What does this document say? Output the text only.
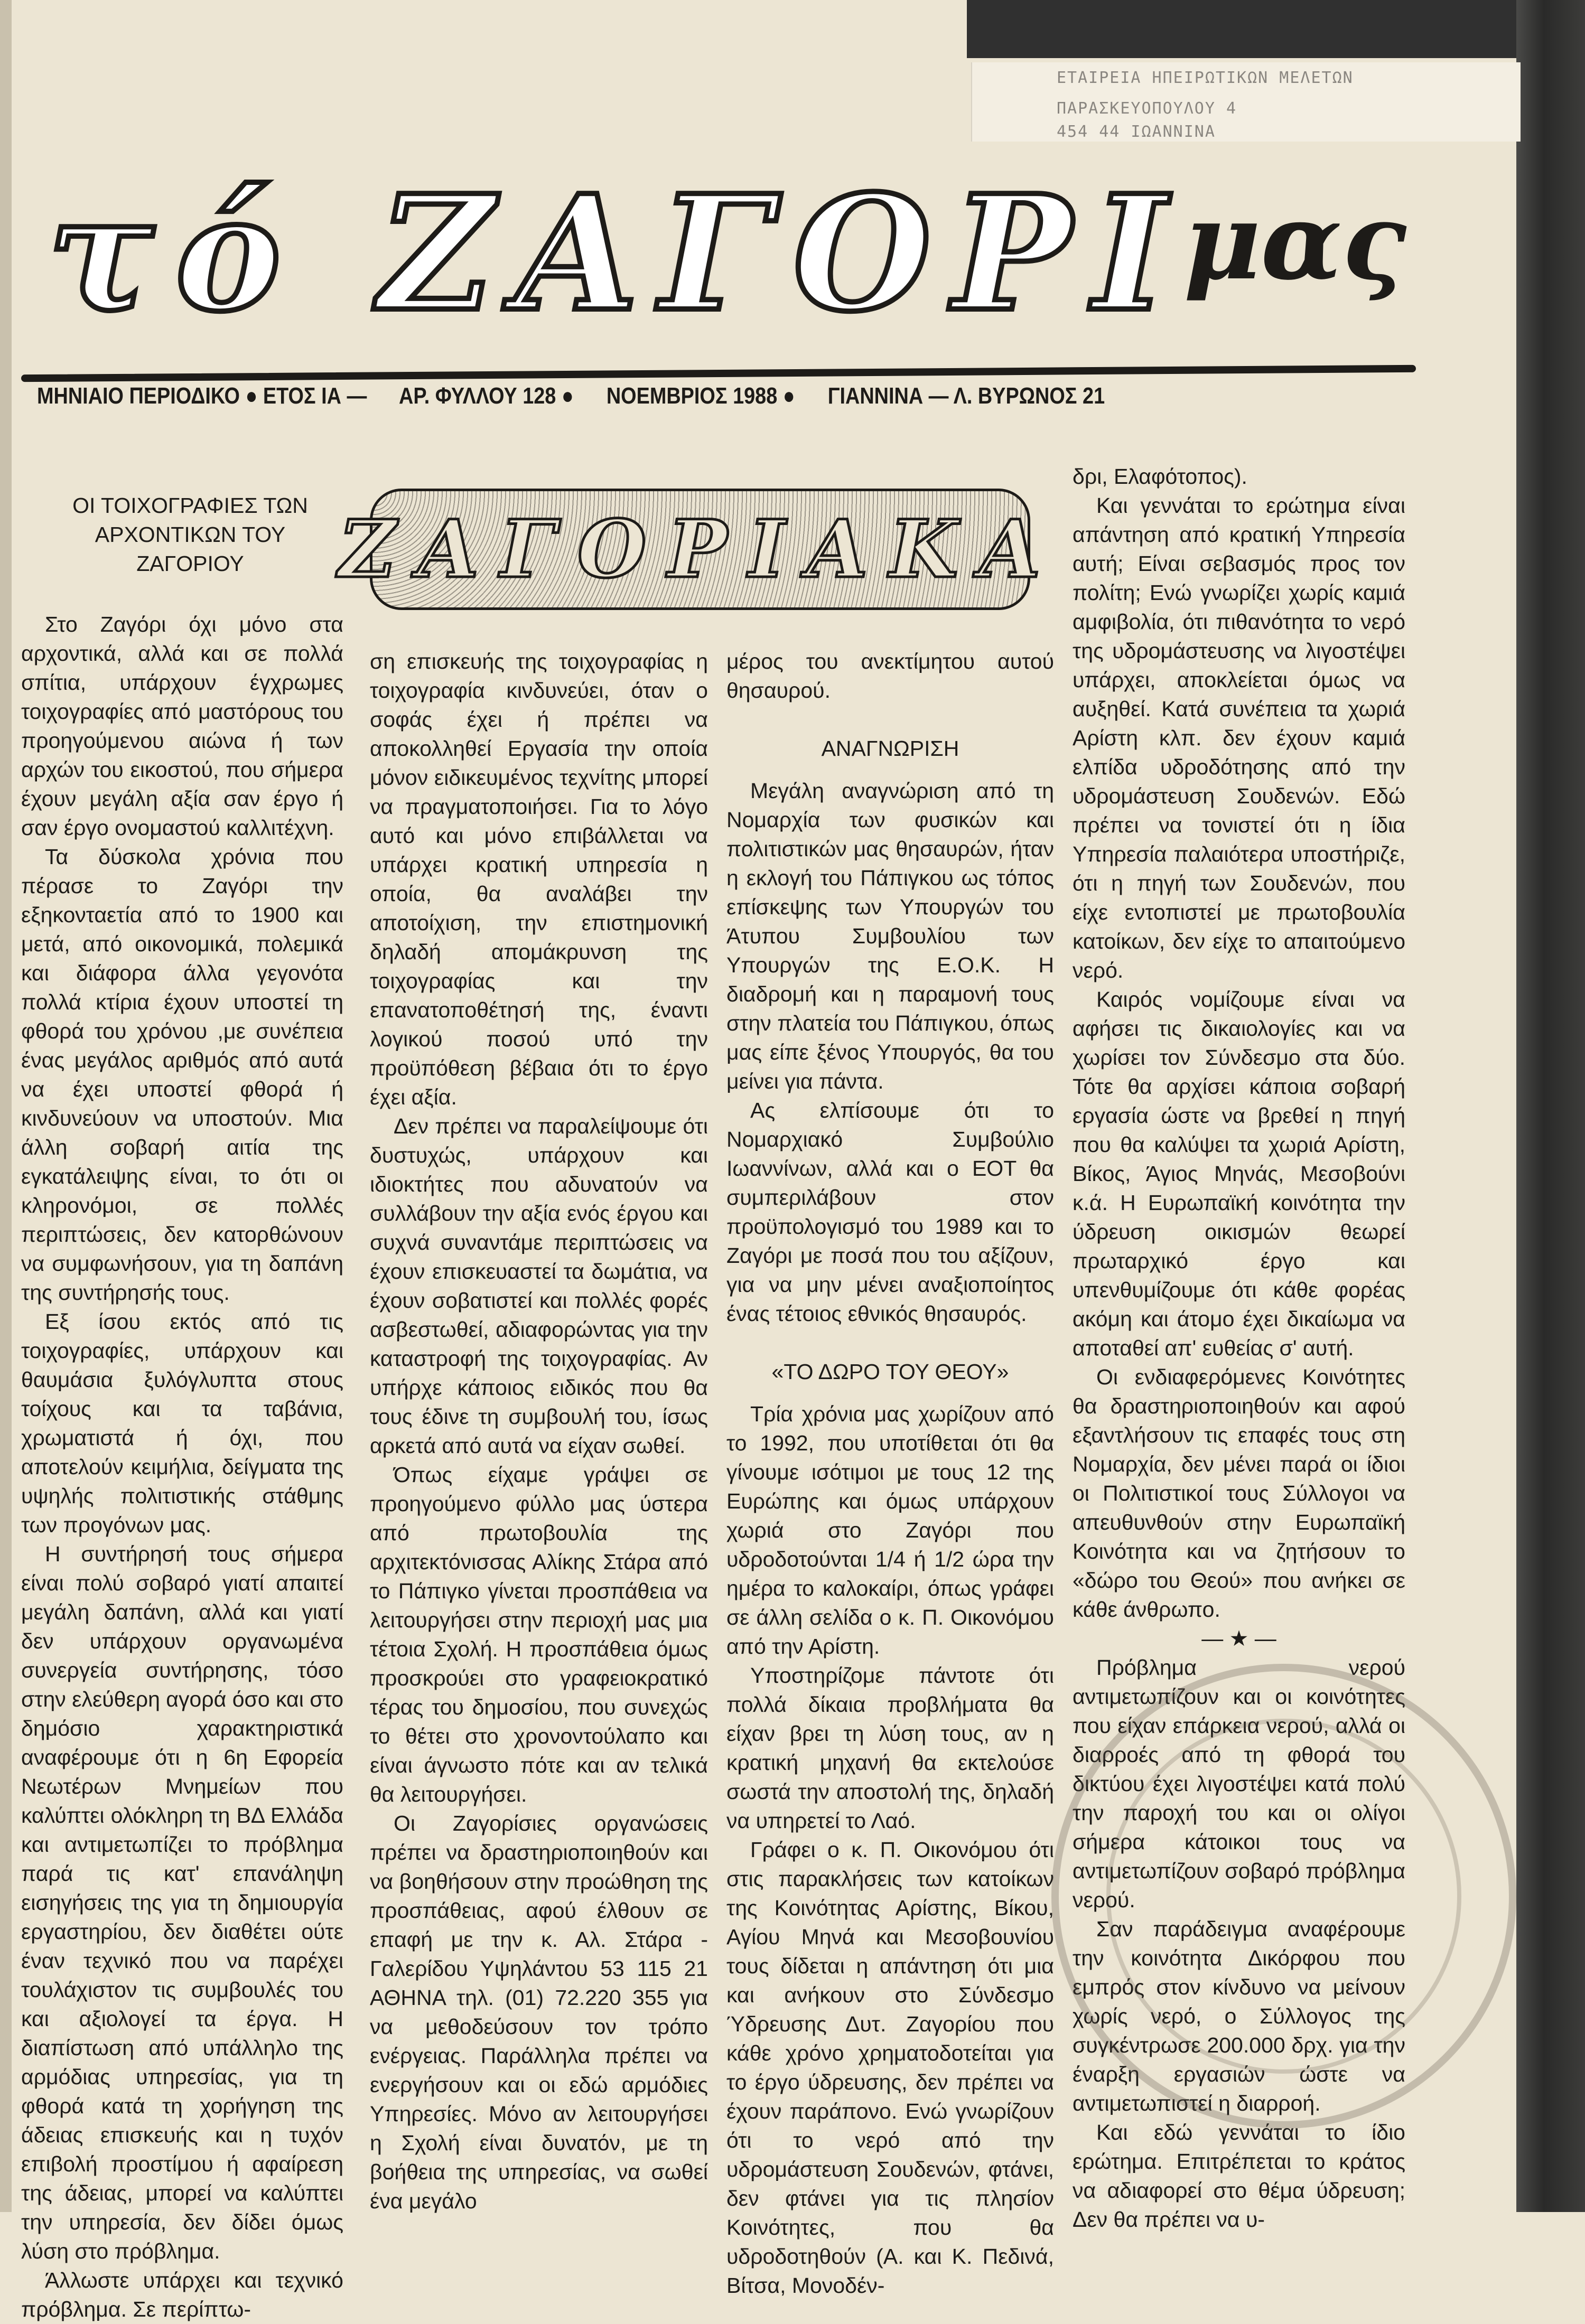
ΕΤΑΙΡΕΙΑ ΗΠΕΙΡΩΤΙΚΩΝ ΜΕΛΕΤΩΝ
ΠΑΡΑΣΚΕΥΟΠΟΥΛΟΥ 4
454 44 ΙΩΑΝΝΙΝΑ
τό ΖΑΓΟΡΙ
μας
ΜΗΝΙΑΙΟ ΠΕΡΙΟΔΙΚΟ ● ΕΤΟΣ ΙΑ — ΑΡ. ΦΥΛΛΟΥ 128 ● ΝΟΕΜΒΡΙΟΣ 1988 ● ΓΙΑΝΝΙΝΑ — Λ. ΒΥΡΩΝΟΣ 21
ΖΑΓΟΡΙΑΚΑ
ΟΙ ΤΟΙΧΟΓΡΑΦΙΕΣ ΤΩΝ ΑΡΧΟΝΤΙΚΩΝ ΤΟΥ ΖΑΓΟΡΙΟΥ

Στο Ζαγόρι όχι μόνο στα αρχοντικά, αλλά και σε πολλά σπίτια, υπάρχουν έγχρωμες τοιχογραφίες από μαστόρους του προηγούμενου αιώνα ή των αρχών του εικοστού, που σήμερα έχουν μεγάλη αξία σαν έργο ή σαν έργο ονομαστού καλλιτέχνη.

Τα δύσκολα χρόνια που πέρασε το Ζαγόρι την εξηκονταετία από το 1900 και μετά, από οικονομικά, πολεμικά και διάφορα άλλα γεγονότα πολλά κτίρια έχουν υποστεί τη φθορά του χρόνου ,με συνέπεια ένας μεγάλος αριθμός από αυτά να έχει υποστεί φθορά ή κινδυνεύουν να υποστούν. Μια άλλη σοβαρή αιτία της εγκατάλειψης είναι, το ότι οι κληρονόμοι, σε πολλές περιπτώσεις, δεν κατορθώνουν να συμφωνήσουν, για τη δαπάνη της συντήρησής τους.

Εξ ίσου εκτός από τις τοιχογραφίες, υπάρχουν και θαυμάσια ξυλόγλυπτα στους τοίχους και τα ταβάνια, χρωματιστά ή όχι, που αποτελούν κειμήλια, δείγματα της υψηλής πολιτιστικής στάθμης των προγόνων μας.

Η συντήρησή τους σήμερα είναι πολύ σοβαρό γιατί απαιτεί μεγάλη δαπάνη, αλλά και γιατί δεν υπάρχουν οργανωμένα συνεργεία συντήρησης, τόσο στην ελεύθερη αγορά όσο και στο δημόσιο χαρακτηριστικά αναφέρουμε ότι η 6η Εφορεία Νεωτέρων Μνημείων που καλύπτει ολόκληρη τη ΒΔ Ελλάδα και αντιμετωπίζει το πρόβλημα παρά τις κατ' επανάληψη εισηγήσεις της για τη δημιουργία εργαστηρίου, δεν διαθέτει ούτε έναν τεχνικό που να παρέχει τουλάχιστον τις συμβουλές του και αξιολογεί τα έργα. Η διαπίστωση από υπάλληλο της αρμόδιας υπηρεσίας, για τη φθορά κατά τη χορήγηση της άδειας επισκευής και η τυχόν επιβολή προστίμου ή αφαίρεση της άδειας, μπορεί να καλύπτει την υπηρεσία, δεν δίδει όμως λύση στο πρόβλημα.

Άλλωστε υπάρχει και τεχνικό πρόβλημα. Σε περίπτω-

ση επισκευής της τοιχογραφίας η τοιχογραφία κινδυνεύει, όταν ο σοφάς έχει ή πρέπει να αποκολληθεί Εργασία την οποία μόνον ειδικευμένος τεχνίτης μπορεί να πραγματοποιήσει. Για το λόγο αυτό και μόνο επιβάλλεται να υπάρχει κρατική υπηρεσία η οποία, θα αναλάβει την αποτοίχιση, την επιστημονική δηλαδή απομάκρυνση της τοιχογραφίας και την επανατοποθέτησή της, έναντι λογικού ποσού υπό την προϋπόθεση βέβαια ότι το έργο έχει αξία.

Δεν πρέπει να παραλείψουμε ότι δυστυχώς, υπάρχουν και ιδιοκτήτες που αδυνατούν να συλλάβουν την αξία ενός έργου και συχνά συναντάμε περιπτώσεις να έχουν επισκευαστεί τα δωμάτια, να έχουν σοβατιστεί και πολλές φορές ασβεστωθεί, αδιαφορώντας για την καταστροφή της τοιχογραφίας. Αν υπήρχε κάποιος ειδικός που θα τους έδινε τη συμβουλή του, ίσως αρκετά από αυτά να είχαν σωθεί.

Όπως είχαμε γράψει σε προηγούμενο φύλλο μας ύστερα από πρωτοβουλία της αρχιτεκτόνισσας Αλίκης Στάρα από το Πάπιγκο γίνεται προσπάθεια να λειτουργήσει στην περιοχή μας μια τέτοια Σχολή. Η προσπάθεια όμως προσκρούει στο γραφειοκρατικό τέρας του δημοσίου, που συνεχώς το θέτει στο χρονοντούλαπο και είναι άγνωστο πότε και αν τελικά θα λειτουργήσει.

Οι Ζαγορίσιες οργανώσεις πρέπει να δραστηριοποιηθούν και να βοηθήσουν στην προώθηση της προσπάθειας, αφού έλθουν σε επαφή με την κ. Αλ. Στάρα - Γαλερίδου Υψηλάντου 53 115 21 ΑΘΗΝΑ τηλ. (01) 72.220 355 για να μεθοδεύσουν τον τρόπο ενέργειας. Παράλληλα πρέπει να ενεργήσουν και οι εδώ αρμόδιες Υπηρεσίες. Μόνο αν λειτουργήσει η Σχολή είναι δυνατόν, με τη βοήθεια της υπηρεσίας, να σωθεί ένα μεγάλο

μέρος του ανεκτίμητου αυτού θησαυρού.

ΑΝΑΓΝΩΡΙΣΗ

Μεγάλη αναγνώριση από τη Νομαρχία των φυσικών και πολιτιστικών μας θησαυρών, ήταν η εκλογή του Πάπιγκου ως τόπος επίσκεψης των Υπουργών του Άτυπου Συμβουλίου των Υπουργών της Ε.Ο.Κ. Η διαδρομή και η παραμονή τους στην πλατεία του Πάπιγκου, όπως μας είπε ξένος Υπουργός, θα του μείνει για πάντα.

Ας ελπίσουμε ότι το Νομαρχιακό Συμβούλιο Ιωαννίνων, αλλά και ο ΕΟΤ θα συμπεριλάβουν στον προϋπολογισμό του 1989 και το Ζαγόρι με ποσά που του αξίζουν, για να μην μένει αναξιοποίητος ένας τέτοιος εθνικός θησαυρός.

«ΤΟ ΔΩΡΟ ΤΟΥ ΘΕΟΥ»

Τρία χρόνια μας χωρίζουν από το 1992, που υποτίθεται ότι θα γίνουμε ισότιμοι με τους 12 της Ευρώπης και όμως υπάρχουν χωριά στο Ζαγόρι που υδροδοτούνται 1/4 ή 1/2 ώρα την ημέρα το καλοκαίρι, όπως γράφει σε άλλη σελίδα ο κ. Π. Οικονόμου από την Αρίστη.

Υποστηρίζομε πάντοτε ότι πολλά δίκαια προβλήματα θα είχαν βρει τη λύση τους, αν η κρατική μηχανή θα εκτελούσε σωστά την αποστολή της, δηλαδή να υπηρετεί το Λαό.

Γράφει ο κ. Π. Οικονόμου ότι στις παρακλήσεις των κατοίκων της Κοινότητας Αρίστης, Βίκου, Αγίου Μηνά και Μεσοβουνίου τους δίδεται η απάντηση ότι μια και ανήκουν στο Σύνδεσμο Ύδρευσης Δυτ. Ζαγορίου που κάθε χρόνο χρηματοδοτείται για το έργο ύδρευσης, δεν πρέπει να έχουν παράπονο. Ενώ γνωρίζουν ότι το νερό από την υδρομάστευση Σουδενών, φτάνει, δεν φτάνει για τις πλησίον Κοινότητες, που θα υδροδοτηθούν (Α. και Κ. Πεδινά, Βίτσα, Μονοδέν-

δρι, Ελαφότοπος).

Και γεννάται το ερώτημα είναι απάντηση από κρατική Υπηρεσία αυτή; Είναι σεβασμός προς τον πολίτη; Ενώ γνωρίζει χωρίς καμιά αμφιβολία, ότι πιθανότητα το νερό της υδρομάστευσης να λιγοστέψει υπάρχει, αποκλείεται όμως να αυξηθεί. Κατά συνέπεια τα χωριά Αρίστη κλπ. δεν έχουν καμιά ελπίδα υδροδότησης από την υδρομάστευση Σουδενών. Εδώ πρέπει να τονιστεί ότι η ίδια Υπηρεσία παλαιότερα υποστήριζε, ότι η πηγή των Σουδενών, που είχε εντοπιστεί με πρωτοβουλία κατοίκων, δεν είχε το απαιτούμενο νερό.

Καιρός νομίζουμε είναι να αφήσει τις δικαιολογίες και να χωρίσει τον Σύνδεσμο στα δύο. Τότε θα αρχίσει κάποια σοβαρή εργασία ώστε να βρεθεί η πηγή που θα καλύψει τα χωριά Αρίστη, Βίκος, Άγιος Μηνάς, Μεσοβούνι κ.ά. Η Ευρωπαϊκή κοινότητα την ύδρευση οικισμών θεωρεί πρωταρχικό έργο και υπενθυμίζουμε ότι κάθε φορέας ακόμη και άτομο έχει δικαίωμα να αποταθεί απ' ευθείας σ' αυτή.

Οι ενδιαφερόμενες Κοινότητες θα δραστηριοποιηθούν και αφού εξαντλήσουν τις επαφές τους στη Νομαρχία, δεν μένει παρά οι ίδιοι οι Πολιτιστικοί τους Σύλλογοι να απευθυνθούν στην Ευρωπαϊκή Κοινότητα και να ζητήσουν το «δώρο του Θεού» που ανήκει σε κάθε άνθρωπο.

— ★ —

Πρόβλημα νερού αντιμετωπίζουν και οι κοινότητες που είχαν επάρκεια νερού, αλλά οι διαρροές από τη φθορά του δικτύου έχει λιγοστέψει κατά πολύ την παροχή του και οι ολίγοι σήμερα κάτοικοι τους να αντιμετωπίζουν σοβαρό πρόβλημα νερού.

Σαν παράδειγμα αναφέρουμε την κοινότητα Δικόρφου που εμπρός στον κίνδυνο να μείνουν χωρίς νερό, ο Σύλλογος της συγκέντρωσε 200.000 δρχ. για την έναρξη εργασιών ώστε να αντιμετωπιστεί η διαρροή.

Και εδώ γεννάται το ίδιο ερώτημα. Επιτρέπεται το κράτος να αδιαφορεί στο θέμα ύδρευση; Δεν θα πρέπει να υ-
